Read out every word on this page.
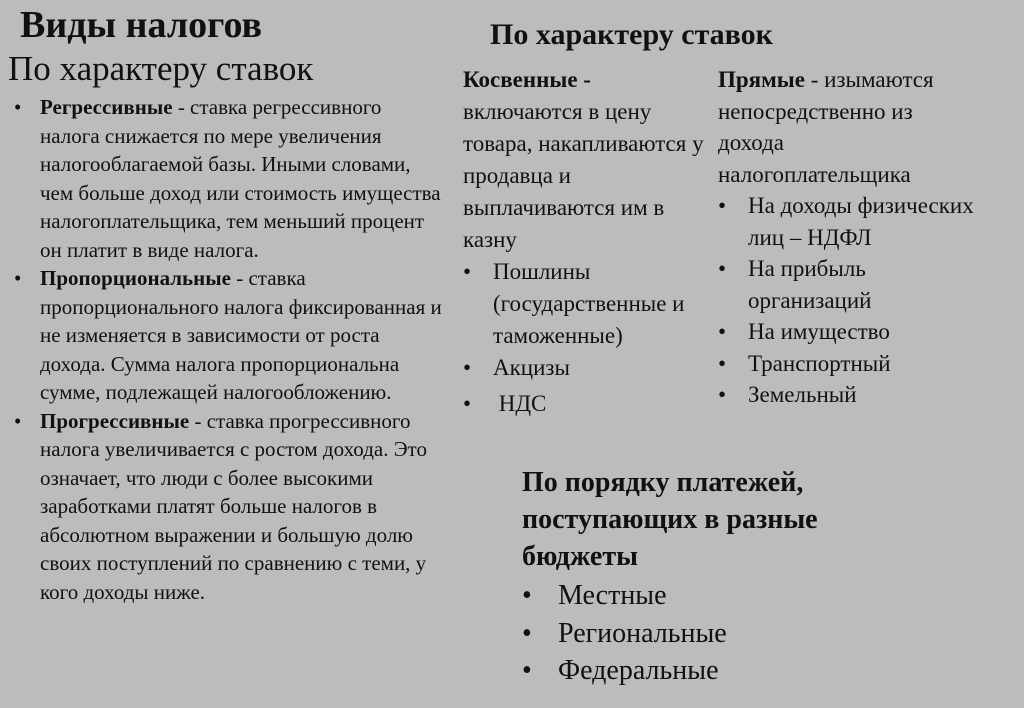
Виды налогов
По характеру ставок
• Регрессивные - ставка регрессивного налога снижается по мере увеличения налогооблагаемой базы. Иными словами, чем больше доход или стоимость имущества налогоплательщика, тем меньший процент он платит в виде налога.
• Пропорциональные - ставка пропорционального налога фиксированная и не изменяется в зависимости от роста дохода. Сумма налога пропорциональна сумме, подлежащей налогообложению.
• Прогрессивные - ставка прогрессивного налога увеличивается с ростом дохода. Это означает, что люди с более высокими заработками платят больше налогов в абсолютном выражении и большую долю своих поступлений по сравнению с теми, у кого доходы ниже.
По характеру ставок
Косвенные -
включаются в цену товара, накапливаются у продавца и выплачиваются им в казну
• Пошлины (государственные и таможенные)
• Акцизы
• НДС
Прямые - изымаются непосредственно из дохода налогоплательщика
• На доходы физических лиц – НДФЛ
• На прибыль организаций
• На имущество
• Транспортный
• Земельный
По порядку платежей, поступающих в разные бюджеты
• Местные
• Региональные
• Федеральные
